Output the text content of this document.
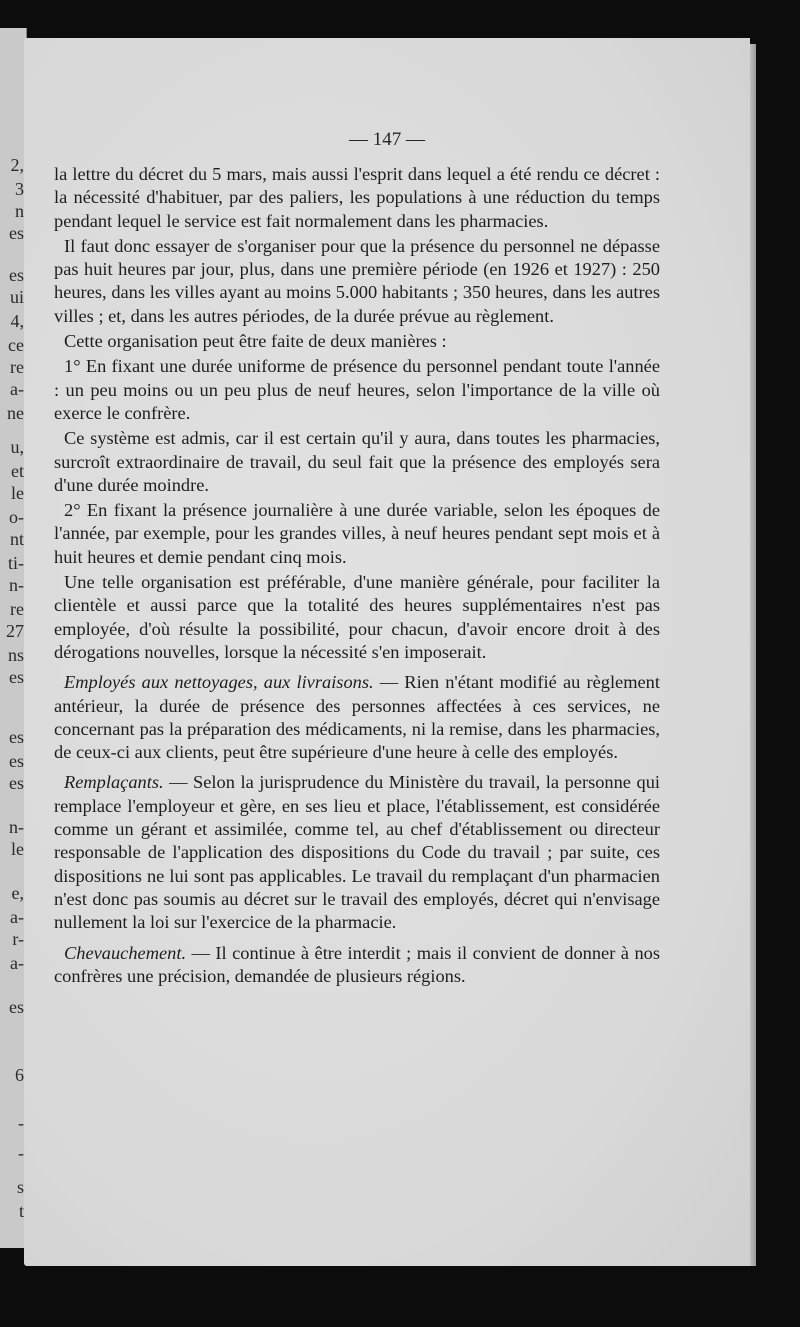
2,
3
n
es
es
ui
4,
ce
re
a-
ne
u,
et
le
o-
nt
ti-
n-
re
27
ns
es
es
es
es
n-
le
e,
a-
r-
a-
es
6
-
-
s
t
— 147 —

la lettre du décret du 5 mars, mais aussi l'esprit dans lequel a été rendu ce décret : la nécessité d'habituer, par des paliers, les populations à une réduction du temps pendant lequel le service est fait normalement dans les pharmacies.

Il faut donc essayer de s'organiser pour que la présence du personnel ne dépasse pas huit heures par jour, plus, dans une première période (en 1926 et 1927) : 250 heures, dans les villes ayant au moins 5.000 habitants ; 350 heures, dans les autres villes ; et, dans les autres périodes, de la durée prévue au règlement.

Cette organisation peut être faite de deux manières :

1° En fixant une durée uniforme de présence du personnel pendant toute l'année : un peu moins ou un peu plus de neuf heures, selon l'importance de la ville où exerce le confrère.

Ce système est admis, car il est certain qu'il y aura, dans toutes les pharmacies, surcroît extraordinaire de travail, du seul fait que la présence des employés sera d'une durée moindre.

2° En fixant la présence journalière à une durée variable, selon les époques de l'année, par exemple, pour les grandes villes, à neuf heures pendant sept mois et à huit heures et demie pendant cinq mois.

Une telle organisation est préférable, d'une manière générale, pour faciliter la clientèle et aussi parce que la totalité des heures supplémentaires n'est pas employée, d'où résulte la possibilité, pour chacun, d'avoir encore droit à des dérogations nouvelles, lorsque la nécessité s'en imposerait.

Employés aux nettoyages, aux livraisons. — Rien n'étant modifié au règlement antérieur, la durée de présence des personnes affectées à ces services, ne concernant pas la préparation des médicaments, ni la remise, dans les pharmacies, de ceux-ci aux clients, peut être supérieure d'une heure à celle des employés.

Remplaçants. — Selon la jurisprudence du Ministère du travail, la personne qui remplace l'employeur et gère, en ses lieu et place, l'établissement, est considérée comme un gérant et assimilée, comme tel, au chef d'établissement ou directeur responsable de l'application des dispositions du Code du travail ; par suite, ces dispositions ne lui sont pas applicables. Le travail du remplaçant d'un pharmacien n'est donc pas soumis au décret sur le travail des employés, décret qui n'envisage nullement la loi sur l'exercice de la pharmacie.

Chevauchement. — Il continue à être interdit ; mais il convient de donner à nos confrères une précision, demandée de plusieurs régions.
